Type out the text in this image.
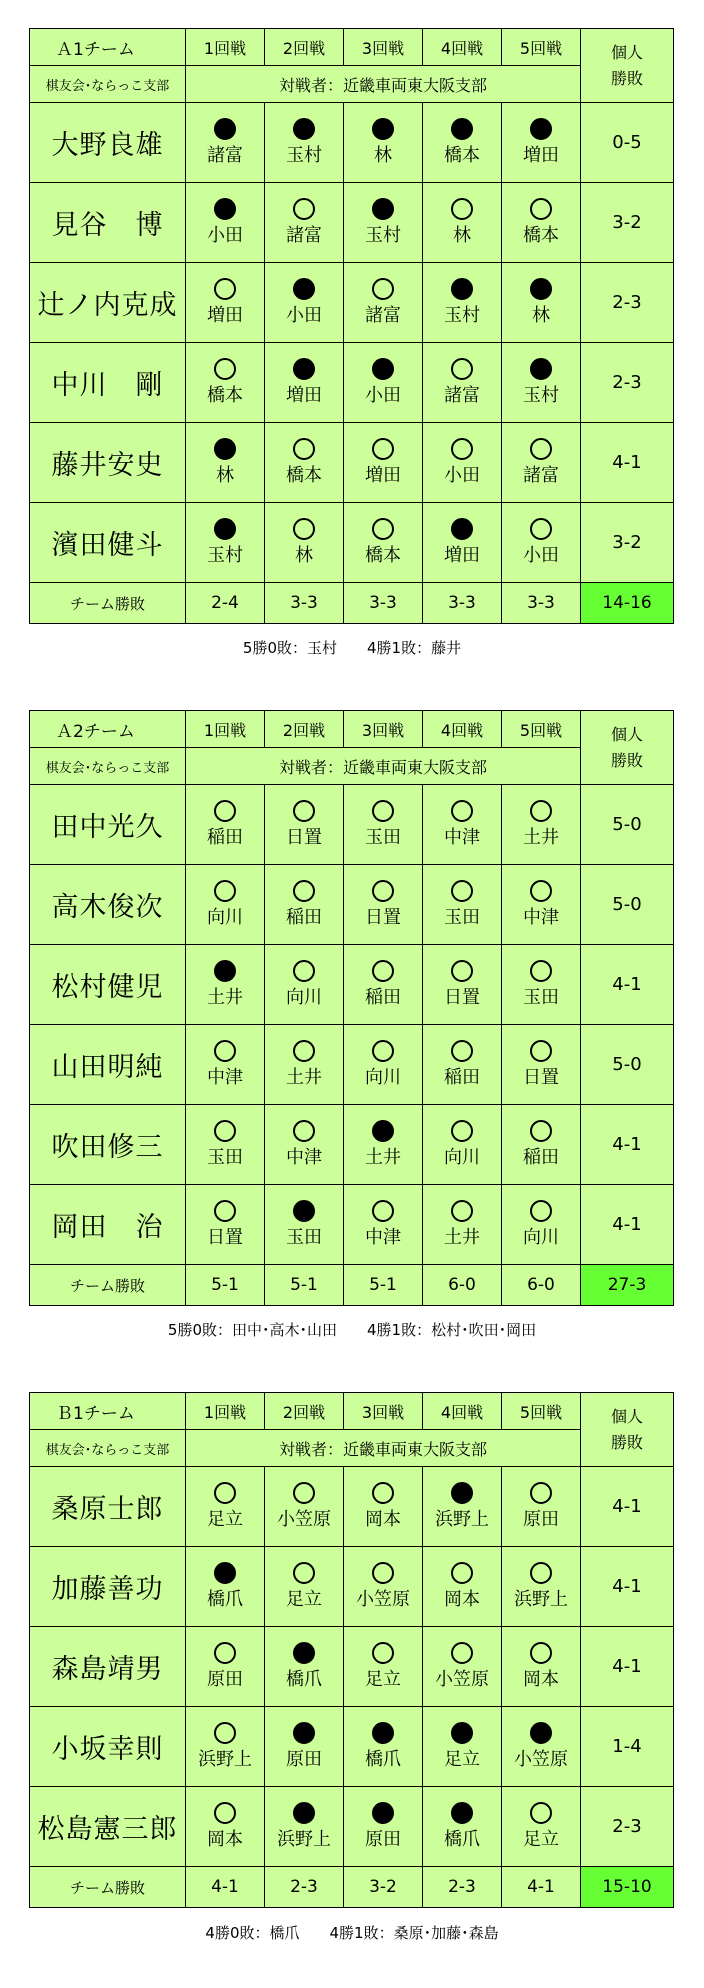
Ａ1チーム	1回戦	2回戦	3回戦	4回戦	5回戦	個人
勝敗

棋友会･ならっこ支部	対戦者：近畿車両東大阪支部					
大野良雄	諸富	玉村	林	橋本	増田	0-5
見谷　博	小田	諸富	玉村	林	橋本	3-2
辻ノ内克成	増田	小田	諸富	玉村	林	2-3
中川　剛	橋本	増田	小田	諸富	玉村	2-3
藤井安史	林	橋本	増田	小田	諸富	4-1
濱田健斗	玉村	林	橋本	増田	小田	3-2
チーム勝敗	2-4	3-3	3-3	3-3	3-3	14-16
5勝0敗：玉村　　4勝1敗：藤井
Ａ2チーム	1回戦	2回戦	3回戦	4回戦	5回戦	個人
勝敗

棋友会･ならっこ支部	対戦者：近畿車両東大阪支部					
田中光久	稲田	日置	玉田	中津	土井	5-0
高木俊次	向川	稲田	日置	玉田	中津	5-0
松村健児	土井	向川	稲田	日置	玉田	4-1
山田明純	中津	土井	向川	稲田	日置	5-0
吹田修三	玉田	中津	土井	向川	稲田	4-1
岡田　治	日置	玉田	中津	土井	向川	4-1
チーム勝敗	5-1	5-1	5-1	6-0	6-0	27-3
5勝0敗：田中･高木･山田　　4勝1敗：松村･吹田･岡田
Ｂ1チーム	1回戦	2回戦	3回戦	4回戦	5回戦	個人
勝敗

棋友会･ならっこ支部	対戦者：近畿車両東大阪支部					
桑原士郎	足立	小笠原	岡本	浜野上	原田	4-1
加藤善功	橋爪	足立	小笠原	岡本	浜野上	4-1
森島靖男	原田	橋爪	足立	小笠原	岡本	4-1
小坂幸則	浜野上	原田	橋爪	足立	小笠原	1-4
松島憲三郎	岡本	浜野上	原田	橋爪	足立	2-3
チーム勝敗	4-1	2-3	3-2	2-3	4-1	15-10
4勝0敗：橋爪　　4勝1敗：桑原･加藤･森島
